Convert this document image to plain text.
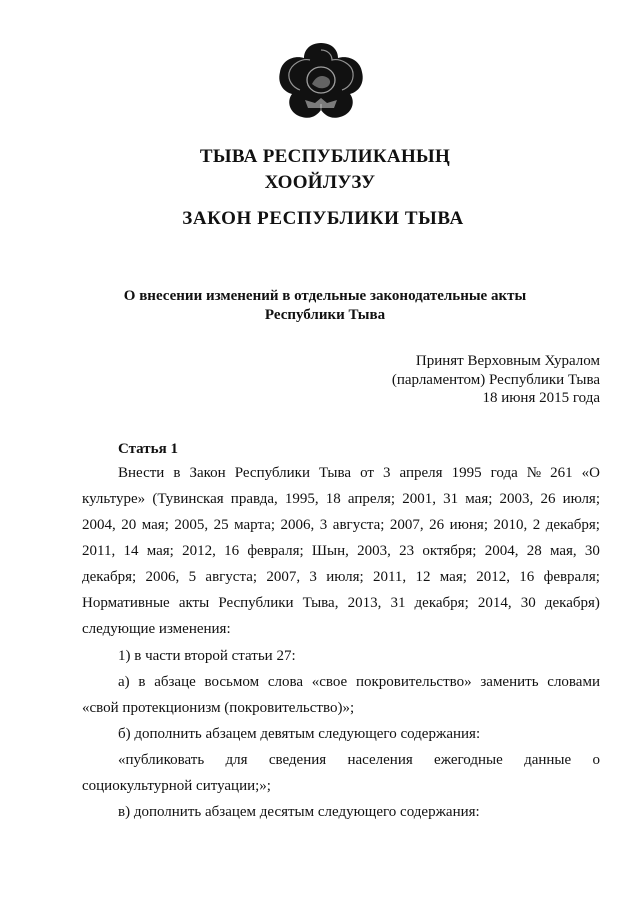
ТЫВА РЕСПУБЛИКАНЫҢ
ХООЙЛУЗУ
ЗАКОН РЕСПУБЛИКИ ТЫВА
О внесении изменений в отдельные законодательные акты
Республики Тыва
Принят Верховным Хуралом
(парламентом) Республики Тыва
18 июня 2015 года
Статья 1
Внести в Закон Республики Тыва от 3 апреля 1995 года № 261 «О
культуре» (Тувинская правда, 1995, 18 апреля; 2001, 31 мая; 2003, 26 июля;
2004, 20 мая; 2005, 25 марта; 2006, 3 августа; 2007, 26 июня; 2010, 2 декабря;
2011, 14 мая; 2012, 16 февраля; Шын, 2003, 23 октября; 2004, 28 мая, 30
декабря; 2006, 5 августа; 2007, 3 июля; 2011, 12 мая; 2012, 16 февраля;
Нормативные акты Республики Тыва, 2013, 31 декабря; 2014, 30 декабря)
следующие изменения:
1) в части второй статьи 27:
а) в абзаце восьмом слова «свое покровительство» заменить словами
«свой протекционизм (покровительство)»;
б) дополнить абзацем девятым следующего содержания:
«публиковать для сведения населения ежегодные данные о
социокультурной ситуации;»;
в) дополнить абзацем десятым следующего содержания:
